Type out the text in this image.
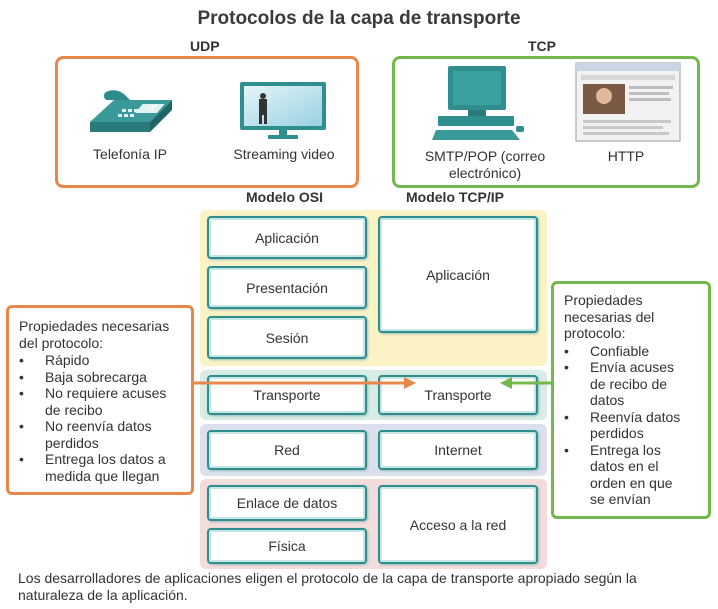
Protocolos de la capa de transporte
UDP
IP
Telefonía IP	Streaming video
TCP
SMTP/POP (correo
electrónico)
HTTP
Modelo OSI	Modelo TCP/IP
Aplicación
Presentación
Sesión
Transporte
Red
Enlace de datos
Física
Aplicación
Transporte
Internet
Acceso a la red
Propiedades necesarias
del protocolo:
• Rápido
• Baja sobrecarga
• No requiere acuses
de recibo
• No reenvía datos
perdidos
• Entrega los datos a
medida que llegan
Propiedades
necesarias del
protocolo:
• Confiable
• Envía acuses
de recibo de
datos
• Reenvía datos
perdidos
• Entrega los
datos en el
orden en que
se envían
Los desarrolladores de aplicaciones eligen el protocolo de la capa de transporte apropiado según la
naturaleza de la aplicación.
